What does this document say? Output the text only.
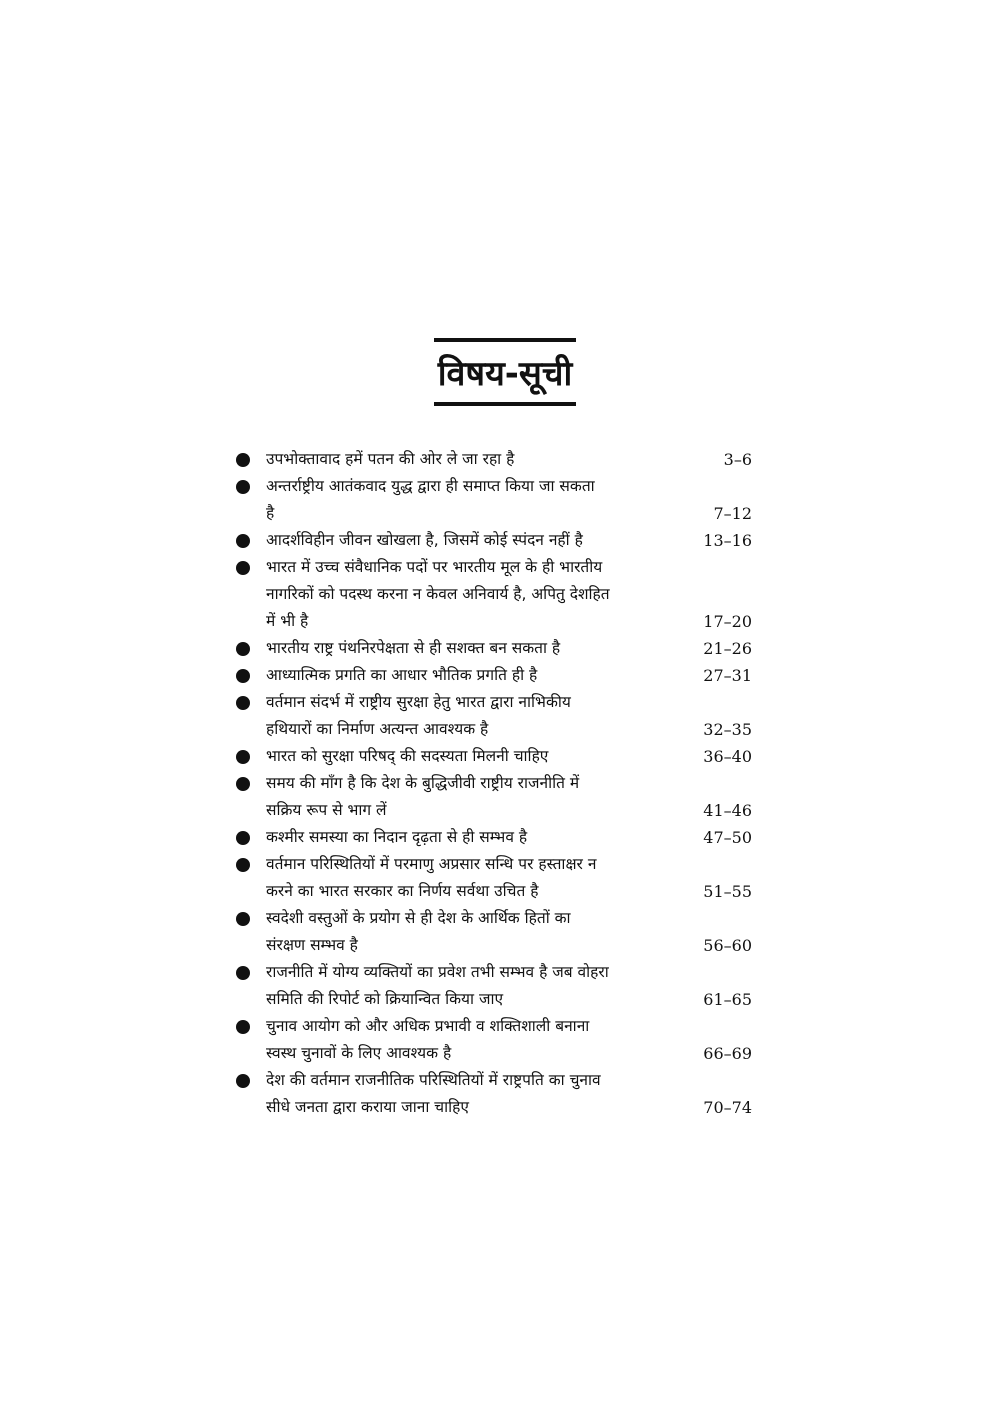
विषय-सूची
उपभोक्तावाद हमें पतन की ओर ले जा रहा है	3–6
अन्तर्राष्ट्रीय आतंकवाद युद्ध द्वारा ही समाप्त किया जा सकता
है	7–12
आदर्शविहीन जीवन खोखला है, जिसमें कोई स्पंदन नहीं है	13–16
भारत में उच्च संवैधानिक पदों पर भारतीय मूल के ही भारतीय
नागरिकों को पदस्थ करना न केवल अनिवार्य है, अपितु देशहित
में भी है	17–20
भारतीय राष्ट्र पंथनिरपेक्षता से ही सशक्त बन सकता है	21–26
आध्यात्मिक प्रगति का आधार भौतिक प्रगति ही है	27–31
वर्तमान संदर्भ में राष्ट्रीय सुरक्षा हेतु भारत द्वारा नाभिकीय
हथियारों का निर्माण अत्यन्त आवश्यक है	32–35
भारत को सुरक्षा परिषद् की सदस्यता मिलनी चाहिए	36–40
समय की माँग है कि देश के बुद्धिजीवी राष्ट्रीय राजनीति में
सक्रिय रूप से भाग लें	41–46
कश्मीर समस्या का निदान दृढ़ता से ही सम्भव है	47–50
वर्तमान परिस्थितियों में परमाणु अप्रसार सन्धि पर हस्ताक्षर न
करने का भारत सरकार का निर्णय सर्वथा उचित है	51–55
स्वदेशी वस्तुओं के प्रयोग से ही देश के आर्थिक हितों का
संरक्षण सम्भव है	56–60
राजनीति में योग्य व्यक्तियों का प्रवेश तभी सम्भव है जब वोहरा
समिति की रिपोर्ट को क्रियान्वित किया जाए	61–65
चुनाव आयोग को और अधिक प्रभावी व शक्तिशाली बनाना
स्वस्थ चुनावों के लिए आवश्यक है	66–69
देश की वर्तमान राजनीतिक परिस्थितियों में राष्ट्रपति का चुनाव
सीधे जनता द्वारा कराया जाना चाहिए	70–74
